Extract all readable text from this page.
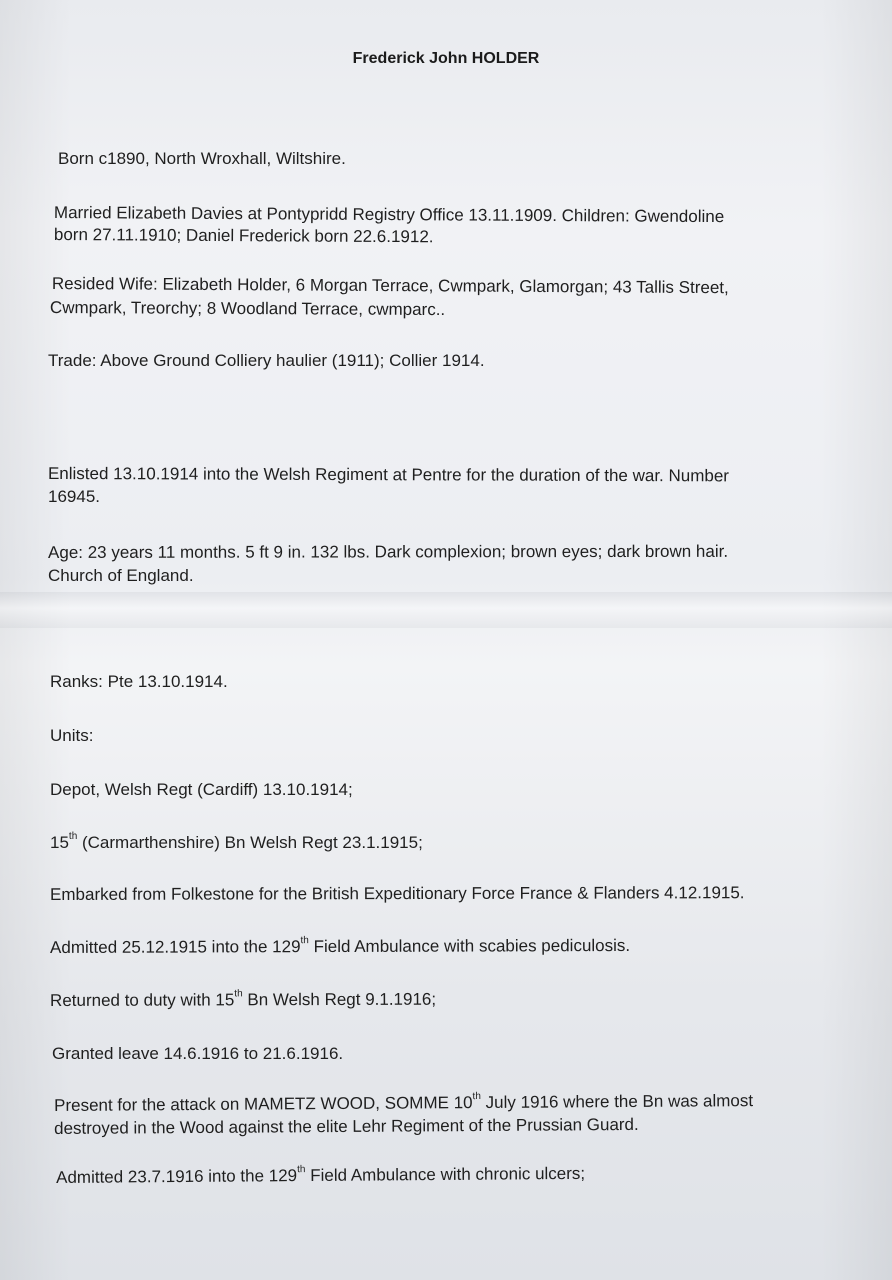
Frederick John HOLDER

Born c1890, North Wroxhall, Wiltshire.

Married Elizabeth Davies at Pontypridd Registry Office 13.11.1909. Children: Gwendoline

born 27.11.1910; Daniel Frederick born 22.6.1912.

Resided Wife: Elizabeth Holder, 6 Morgan Terrace, Cwmpark, Glamorgan; 43 Tallis Street,

Cwmpark, Treorchy; 8 Woodland Terrace, cwmparc..

Trade: Above Ground Colliery haulier (1911); Collier 1914.

Enlisted 13.10.1914 into the Welsh Regiment at Pentre for the duration of the war. Number

16945.

Age: 23 years 11 months. 5 ft 9 in. 132 lbs. Dark complexion; brown eyes; dark brown hair.

Church of England.

Ranks: Pte 13.10.1914.

Units:

Depot, Welsh Regt (Cardiff) 13.10.1914;

15th (Carmarthenshire) Bn Welsh Regt 23.1.1915;

Embarked from Folkestone for the British Expeditionary Force France & Flanders 4.12.1915.

Admitted 25.12.1915 into the 129th Field Ambulance with scabies pediculosis.

Returned to duty with 15th Bn Welsh Regt 9.1.1916;

Granted leave 14.6.1916 to 21.6.1916.

Present for the attack on MAMETZ WOOD, SOMME 10th July 1916 where the Bn was almost

destroyed in the Wood against the elite Lehr Regiment of the Prussian Guard.

Admitted 23.7.1916 into the 129th Field Ambulance with chronic ulcers;
